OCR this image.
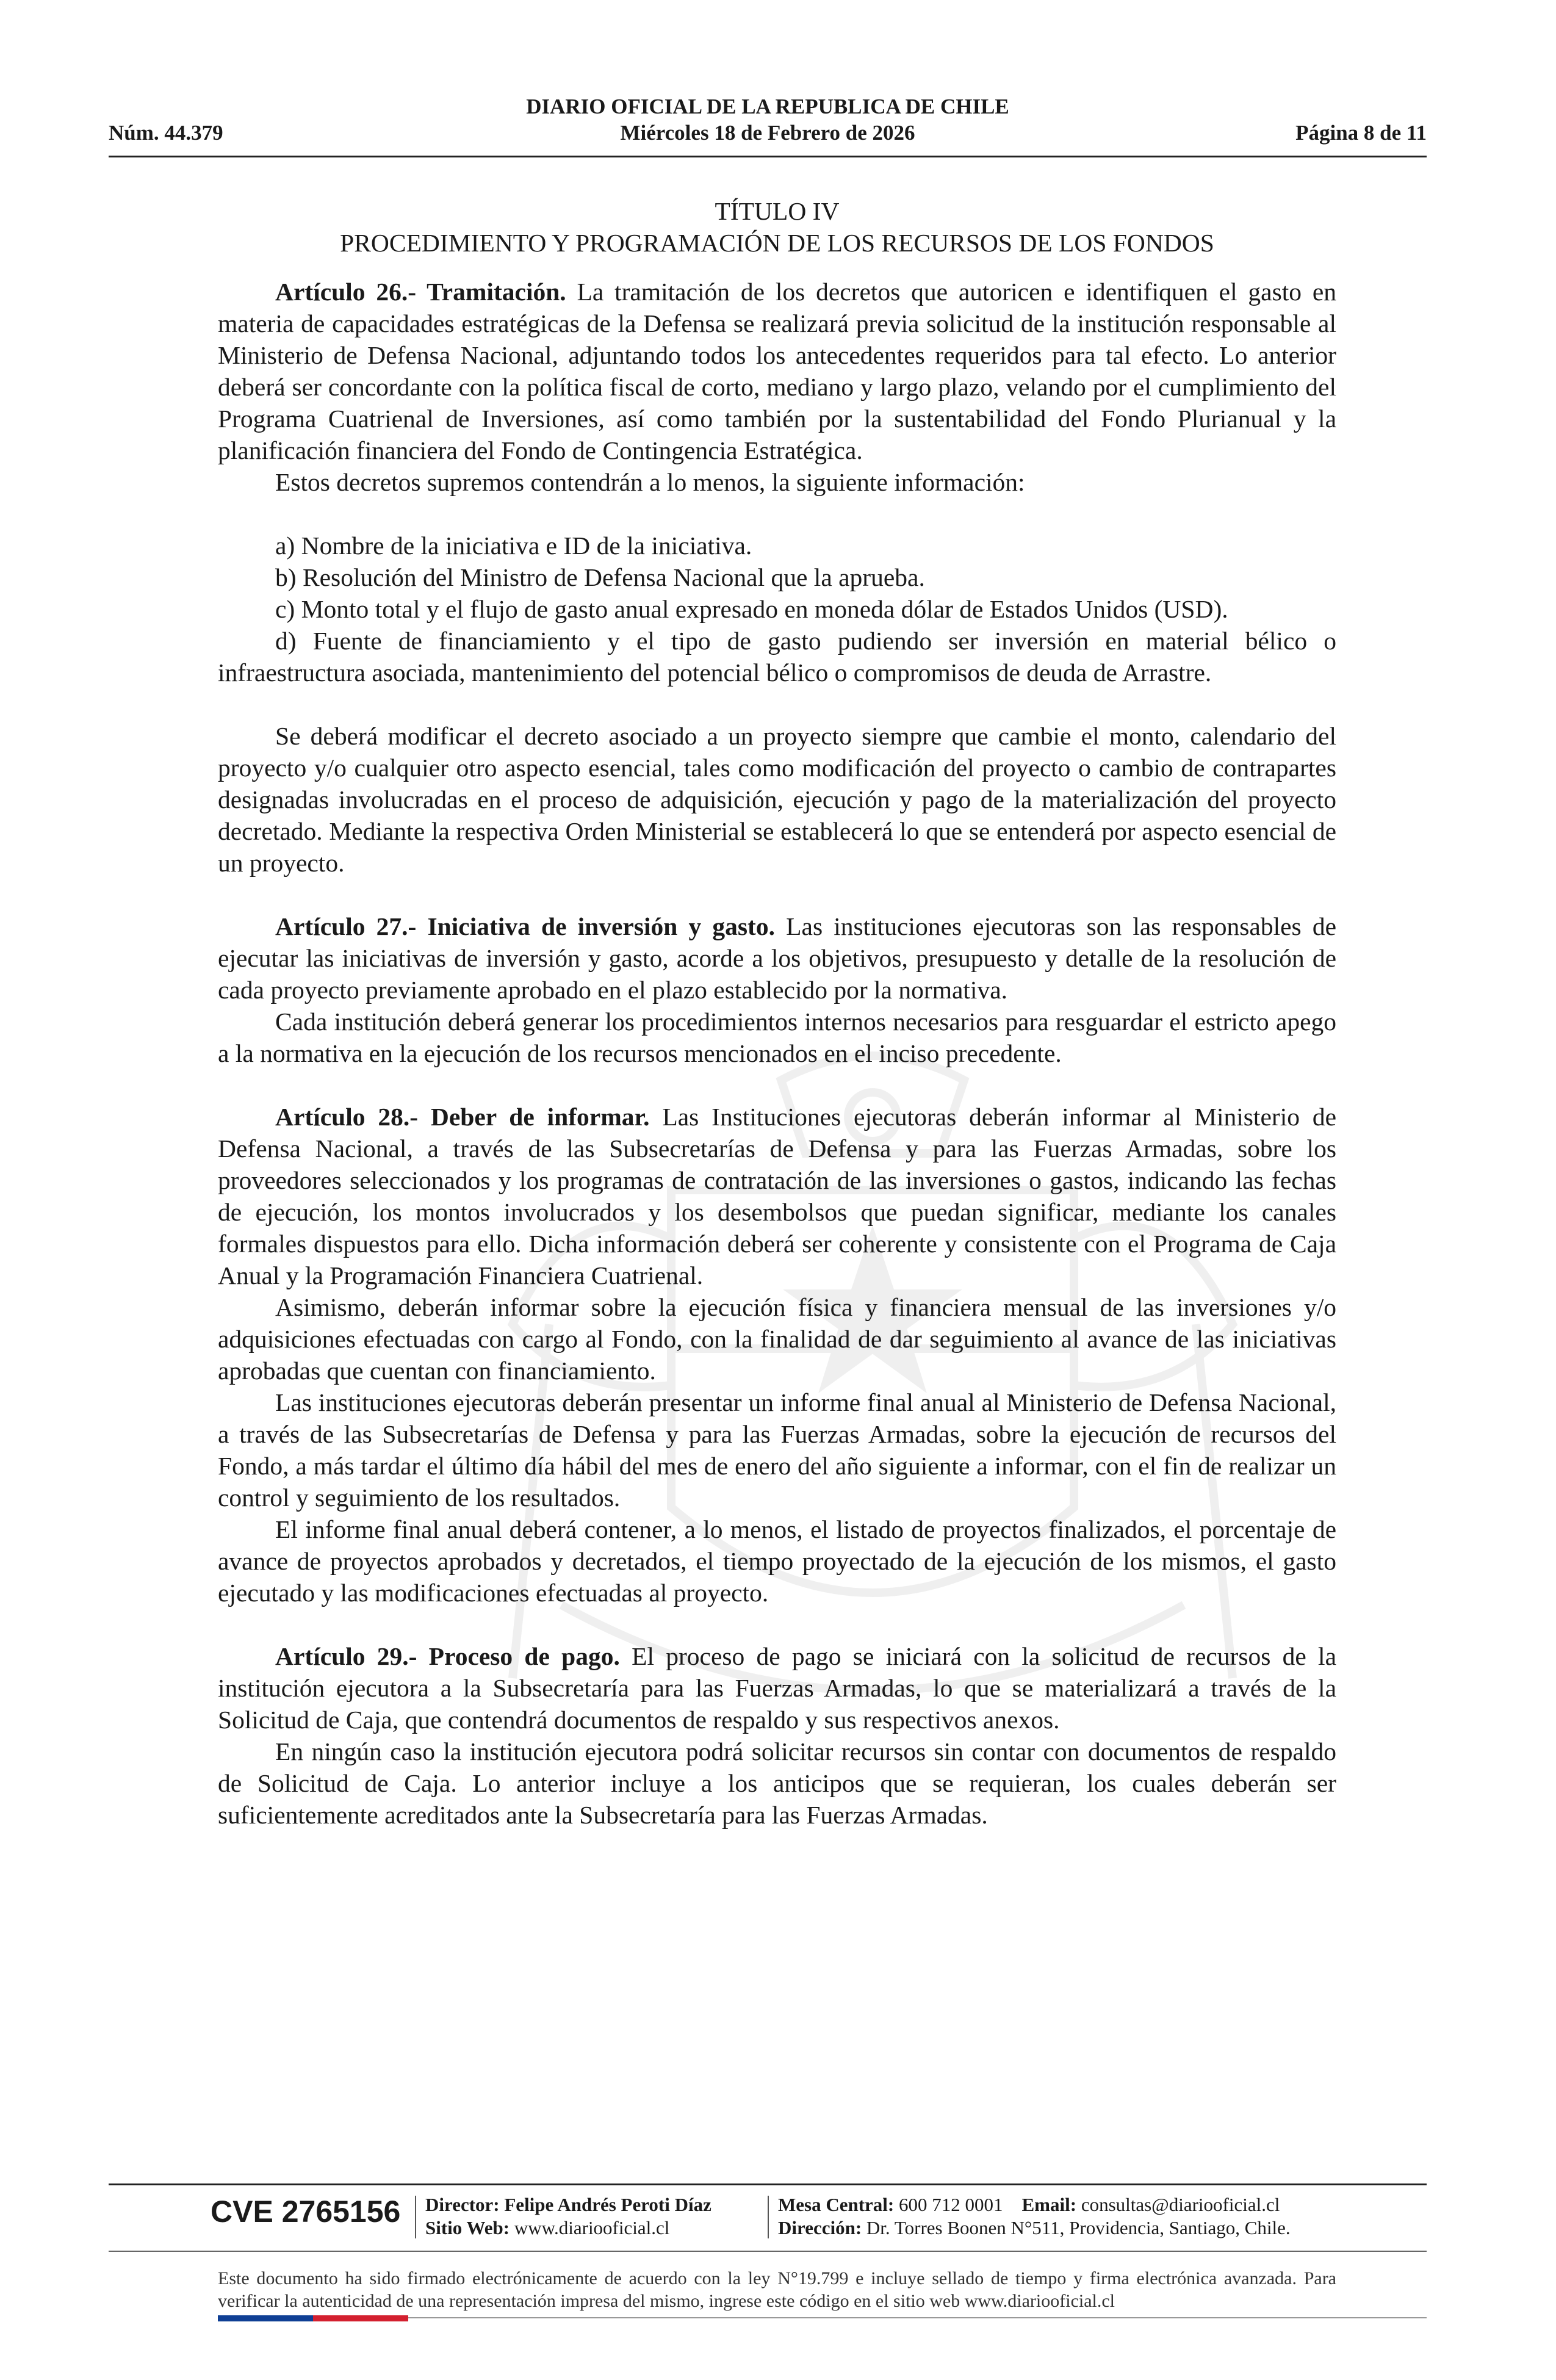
DIARIO OFICIAL DE LA REPUBLICA DE CHILE
Miércoles 18 de Febrero de 2026
Núm. 44.379	Página 8 de 11

TÍTULO IV

PROCEDIMIENTO Y PROGRAMACIÓN DE LOS RECURSOS DE LOS FONDOS

Artículo 26.- Tramitación. La tramitación de los decretos que autoricen e identifiquen el gasto en materia de capacidades estratégicas de la Defensa se realizará previa solicitud de la institución responsable al Ministerio de Defensa Nacional, adjuntando todos los antecedentes requeridos para tal efecto. Lo anterior deberá ser concordante con la política fiscal de corto, mediano y largo plazo, velando por el cumplimiento del Programa Cuatrienal de Inversiones, así como también por la sustentabilidad del Fondo Plurianual y la planificación financiera del Fondo de Contingencia Estratégica.

Estos decretos supremos contendrán a lo menos, la siguiente información:

a) Nombre de la iniciativa e ID de la iniciativa.

b) Resolución del Ministro de Defensa Nacional que la aprueba.

c) Monto total y el flujo de gasto anual expresado en moneda dólar de Estados Unidos (USD).

d) Fuente de financiamiento y el tipo de gasto pudiendo ser inversión en material bélico o infraestructura asociada, mantenimiento del potencial bélico o compromisos de deuda de Arrastre.

Se deberá modificar el decreto asociado a un proyecto siempre que cambie el monto, calendario del proyecto y/o cualquier otro aspecto esencial, tales como modificación del proyecto o cambio de contrapartes designadas involucradas en el proceso de adquisición, ejecución y pago de la materialización del proyecto decretado. Mediante la respectiva Orden Ministerial se establecerá lo que se entenderá por aspecto esencial de un proyecto.

Artículo 27.- Iniciativa de inversión y gasto. Las instituciones ejecutoras son las responsables de ejecutar las iniciativas de inversión y gasto, acorde a los objetivos, presupuesto y detalle de la resolución de cada proyecto previamente aprobado en el plazo establecido por la normativa.

Cada institución deberá generar los procedimientos internos necesarios para resguardar el estricto apego a la normativa en la ejecución de los recursos mencionados en el inciso precedente.

Artículo 28.- Deber de informar. Las Instituciones ejecutoras deberán informar al Ministerio de Defensa Nacional, a través de las Subsecretarías de Defensa y para las Fuerzas Armadas, sobre los proveedores seleccionados y los programas de contratación de las inversiones o gastos, indicando las fechas de ejecución, los montos involucrados y los desembolsos que puedan significar, mediante los canales formales dispuestos para ello. Dicha información deberá ser coherente y consistente con el Programa de Caja Anual y la Programación Financiera Cuatrienal.

Asimismo, deberán informar sobre la ejecución física y financiera mensual de las inversiones y/o adquisiciones efectuadas con cargo al Fondo, con la finalidad de dar seguimiento al avance de las iniciativas aprobadas que cuentan con financiamiento.

Las instituciones ejecutoras deberán presentar un informe final anual al Ministerio de Defensa Nacional, a través de las Subsecretarías de Defensa y para las Fuerzas Armadas, sobre la ejecución de recursos del Fondo, a más tardar el último día hábil del mes de enero del año siguiente a informar, con el fin de realizar un control y seguimiento de los resultados.

El informe final anual deberá contener, a lo menos, el listado de proyectos finalizados, el porcentaje de avance de proyectos aprobados y decretados, el tiempo proyectado de la ejecución de los mismos, el gasto ejecutado y las modificaciones efectuadas al proyecto.

Artículo 29.- Proceso de pago. El proceso de pago se iniciará con la solicitud de recursos de la institución ejecutora a la Subsecretaría para las Fuerzas Armadas, lo que se materializará a través de la Solicitud de Caja, que contendrá documentos de respaldo y sus respectivos anexos.

En ningún caso la institución ejecutora podrá solicitar recursos sin contar con documentos de respaldo de Solicitud de Caja. Lo anterior incluye a los anticipos que se requieran, los cuales deberán ser suficientemente acreditados ante la Subsecretaría para las Fuerzas Armadas.

CVE 2765156 Director: Felipe Andrés Peroti Díaz
Sitio Web: www.diariooficial.cl
Mesa Central: 600 712 0001 Email: consultas@diariooficial.cl
Dirección: Dr. Torres Boonen N°511, Providencia, Santiago, Chile.
Este documento ha sido firmado electrónicamente de acuerdo con la ley N°19.799 e incluye sellado de tiempo y firma electrónica avanzada. Para verificar la autenticidad de una representación impresa del mismo, ingrese este código en el sitio web www.diariooficial.cl
